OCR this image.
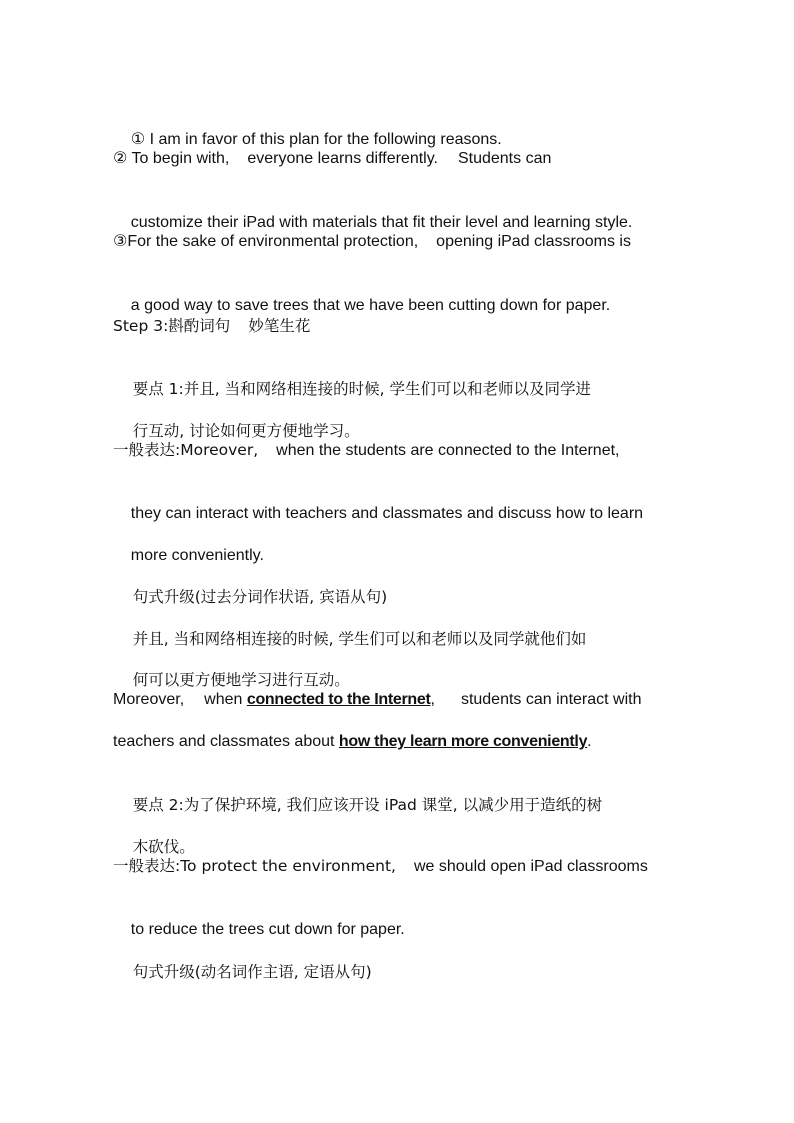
① I am in favor of this plan for the following reasons.

② To begin with, everyone learns differently. Students can

customize their iPad with materials that fit their level and learning style.

③For the sake of environmental protection, opening iPad classrooms is

a good way to save trees that we have been cutting down for paper.

Step 3:斟酌词句 妙笔生花

要点 1:并且, 当和网络相连接的时候, 学生们可以和老师以及同学进

行互动, 讨论如何更方便地学习。

一般表达:Moreover, when the students are connected to the Internet,

they can interact with teachers and classmates and discuss how to learn

more conveniently.

句式升级(过去分词作状语, 宾语从句)

并且, 当和网络相连接的时候, 学生们可以和老师以及同学就他们如

何可以更方便地学习进行互动。

Moreover, when connected to the Internet, students can interact with
teachers and classmates about how they learn more conveniently.

要点 2:为了保护环境, 我们应该开设 iPad 课堂, 以减少用于造纸的树

木砍伐。

一般表达:To protect the environment, we should open iPad classrooms

to reduce the trees cut down for paper.

句式升级(动名词作主语, 定语从句)
